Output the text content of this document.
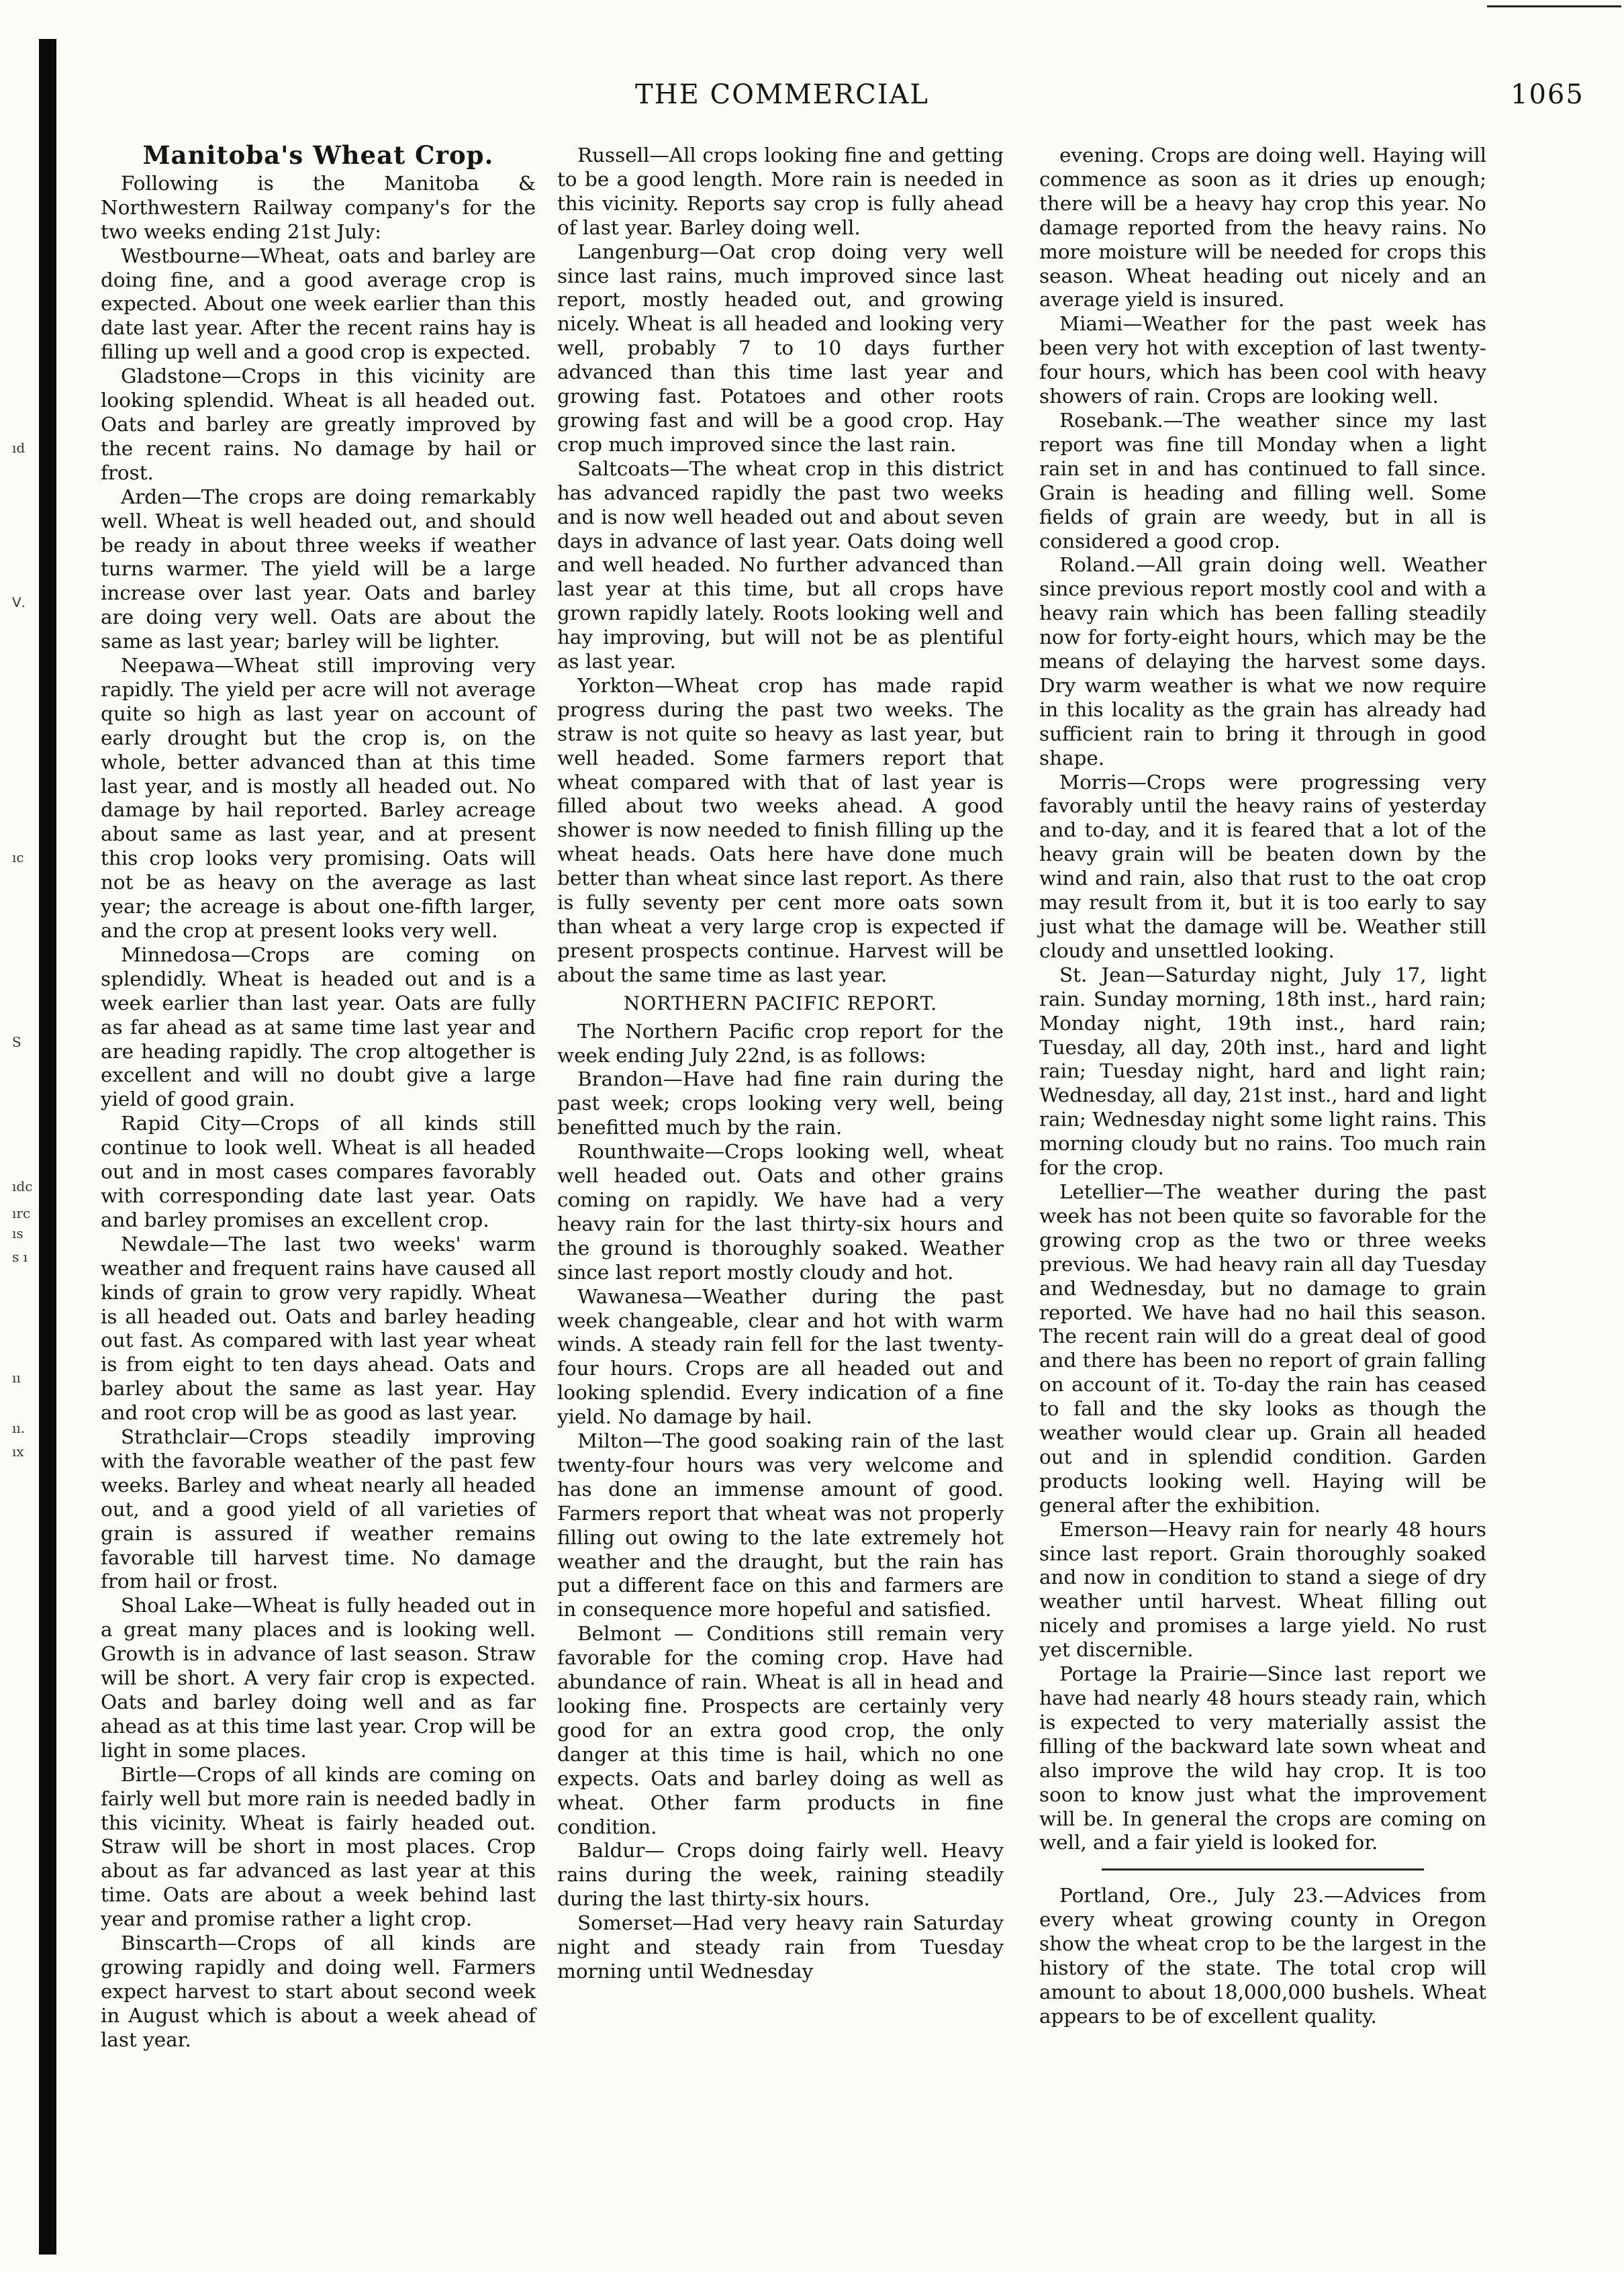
ıd
ᐯ.
ıc
S
ıdc
ırc
ıs
ꜱ ı
ıı
ıı.
ıx
THE COMMERCIAL	1065
Manitoba's Wheat Crop.

Following is the Manitoba & Northwestern Railway company's for the two weeks ending 21st July:

Westbourne—Wheat, oats and barley are doing fine, and a good average crop is expected. About one week earlier than this date last year. After the recent rains hay is filling up well and a good crop is expected.

Gladstone—Crops in this vicinity are looking splendid. Wheat is all headed out. Oats and barley are greatly improved by the recent rains. No damage by hail or frost.

Arden—The crops are doing remarkably well. Wheat is well headed out, and should be ready in about three weeks if weather turns warmer. The yield will be a large increase over last year. Oats and barley are doing very well. Oats are about the same as last year; barley will be lighter.

Neepawa—Wheat still improving very rapidly. The yield per acre will not average quite so high as last year on account of early drought but the crop is, on the whole, better advanced than at this time last year, and is mostly all headed out. No damage by hail reported. Barley acreage about same as last year, and at present this crop looks very promising. Oats will not be as heavy on the average as last year; the acreage is about one-fifth larger, and the crop at present looks very well.

Minnedosa—Crops are coming on splendidly. Wheat is headed out and is a week earlier than last year. Oats are fully as far ahead as at same time last year and are heading rapidly. The crop altogether is excellent and will no doubt give a large yield of good grain.

Rapid City—Crops of all kinds still continue to look well. Wheat is all headed out and in most cases compares favorably with corresponding date last year. Oats and barley promises an excellent crop.

Newdale—The last two weeks' warm weather and frequent rains have caused all kinds of grain to grow very rapidly. Wheat is all headed out. Oats and barley heading out fast. As compared with last year wheat is from eight to ten days ahead. Oats and barley about the same as last year. Hay and root crop will be as good as last year.

Strathclair—Crops steadily improving with the favorable weather of the past few weeks. Barley and wheat nearly all headed out, and a good yield of all varieties of grain is assured if weather remains favorable till harvest time. No damage from hail or frost.

Shoal Lake—Wheat is fully headed out in a great many places and is looking well. Growth is in advance of last season. Straw will be short. A very fair crop is expected. Oats and barley doing well and as far ahead as at this time last year. Crop will be light in some places.

Birtle—Crops of all kinds are coming on fairly well but more rain is needed badly in this vicinity. Wheat is fairly headed out. Straw will be short in most places. Crop about as far advanced as last year at this time. Oats are about a week behind last year and promise rather a light crop.

Binscarth—Crops of all kinds are growing rapidly and doing well. Farmers expect harvest to start about second week in August which is about a week ahead of last year.

Russell—All crops looking fine and getting to be a good length. More rain is needed in this vicinity. Reports say crop is fully ahead of last year. Barley doing well.

Langenburg—Oat crop doing very well since last rains, much improved since last report, mostly headed out, and growing nicely. Wheat is all headed and looking very well, probably 7 to 10 days further advanced than this time last year and growing fast. Potatoes and other roots growing fast and will be a good crop. Hay crop much improved since the last rain.

Saltcoats—The wheat crop in this district has advanced rapidly the past two weeks and is now well headed out and about seven days in advance of last year. Oats doing well and well headed. No further advanced than last year at this time, but all crops have grown rapidly lately. Roots looking well and hay improving, but will not be as plentiful as last year.

Yorkton—Wheat crop has made rapid progress during the past two weeks. The straw is not quite so heavy as last year, but well headed. Some farmers report that wheat compared with that of last year is filled about two weeks ahead. A good shower is now needed to finish filling up the wheat heads. Oats here have done much better than wheat since last report. As there is fully seventy per cent more oats sown than wheat a very large crop is expected if present prospects continue. Harvest will be about the same time as last year.

NORTHERN PACIFIC REPORT.

The Northern Pacific crop report for the week ending July 22nd, is as follows:

Brandon—Have had fine rain during the past week; crops looking very well, being benefitted much by the rain.

Rounthwaite—Crops looking well, wheat well headed out. Oats and other grains coming on rapidly. We have had a very heavy rain for the last thirty-six hours and the ground is thoroughly soaked. Weather since last report mostly cloudy and hot.

Wawanesa—Weather during the past week changeable, clear and hot with warm winds. A steady rain fell for the last twenty-four hours. Crops are all headed out and looking splendid. Every indication of a fine yield. No damage by hail.

Milton—The good soaking rain of the last twenty-four hours was very welcome and has done an immense amount of good. Farmers report that wheat was not properly filling out owing to the late extremely hot weather and the draught, but the rain has put a different face on this and farmers are in consequence more hopeful and satisfied.

Belmont — Conditions still remain very favorable for the coming crop. Have had abundance of rain. Wheat is all in head and looking fine. Prospects are certainly very good for an extra good crop, the only danger at this time is hail, which no one expects. Oats and barley doing as well as wheat. Other farm products in fine condition.

Baldur— Crops doing fairly well. Heavy rains during the week, raining steadily during the last thirty-six hours.

Somerset—Had very heavy rain Saturday night and steady rain from Tuesday morning until Wednesday

evening. Crops are doing well. Haying will commence as soon as it dries up enough; there will be a heavy hay crop this year. No damage reported from the heavy rains. No more moisture will be needed for crops this season. Wheat heading out nicely and an average yield is insured.

Miami—Weather for the past week has been very hot with exception of last twenty-four hours, which has been cool with heavy showers of rain. Crops are looking well.

Rosebank.—The weather since my last report was fine till Monday when a light rain set in and has continued to fall since. Grain is heading and filling well. Some fields of grain are weedy, but in all is considered a good crop.

Roland.—All grain doing well. Weather since previous report mostly cool and with a heavy rain which has been falling steadily now for forty-eight hours, which may be the means of delaying the harvest some days. Dry warm weather is what we now require in this locality as the grain has already had sufficient rain to bring it through in good shape.

Morris—Crops were progressing very favorably until the heavy rains of yesterday and to-day, and it is feared that a lot of the heavy grain will be beaten down by the wind and rain, also that rust to the oat crop may result from it, but it is too early to say just what the damage will be. Weather still cloudy and unsettled looking.

St. Jean—Saturday night, July 17, light rain. Sunday morning, 18th inst., hard rain; Monday night, 19th inst., hard rain; Tuesday, all day, 20th inst., hard and light rain; Tuesday night, hard and light rain; Wednesday, all day, 21st inst., hard and light rain; Wednesday night some light rains. This morning cloudy but no rains. Too much rain for the crop.

Letellier—The weather during the past week has not been quite so favorable for the growing crop as the two or three weeks previous. We had heavy rain all day Tuesday and Wednesday, but no damage to grain reported. We have had no hail this season. The recent rain will do a great deal of good and there has been no report of grain falling on account of it. To-day the rain has ceased to fall and the sky looks as though the weather would clear up. Grain all headed out and in splendid condition. Garden products looking well. Haying will be general after the exhibition.

Emerson—Heavy rain for nearly 48 hours since last report. Grain thoroughly soaked and now in condition to stand a siege of dry weather until harvest. Wheat filling out nicely and promises a large yield. No rust yet discernible.

Portage la Prairie—Since last report we have had nearly 48 hours steady rain, which is expected to very materially assist the filling of the backward late sown wheat and also improve the wild hay crop. It is too soon to know just what the improvement will be. In general the crops are coming on well, and a fair yield is looked for.

Portland, Ore., July 23.—Advices from every wheat growing county in Oregon show the wheat crop to be the largest in the history of the state. The total crop will amount to about 18,000,000 bushels. Wheat appears to be of excellent quality.
